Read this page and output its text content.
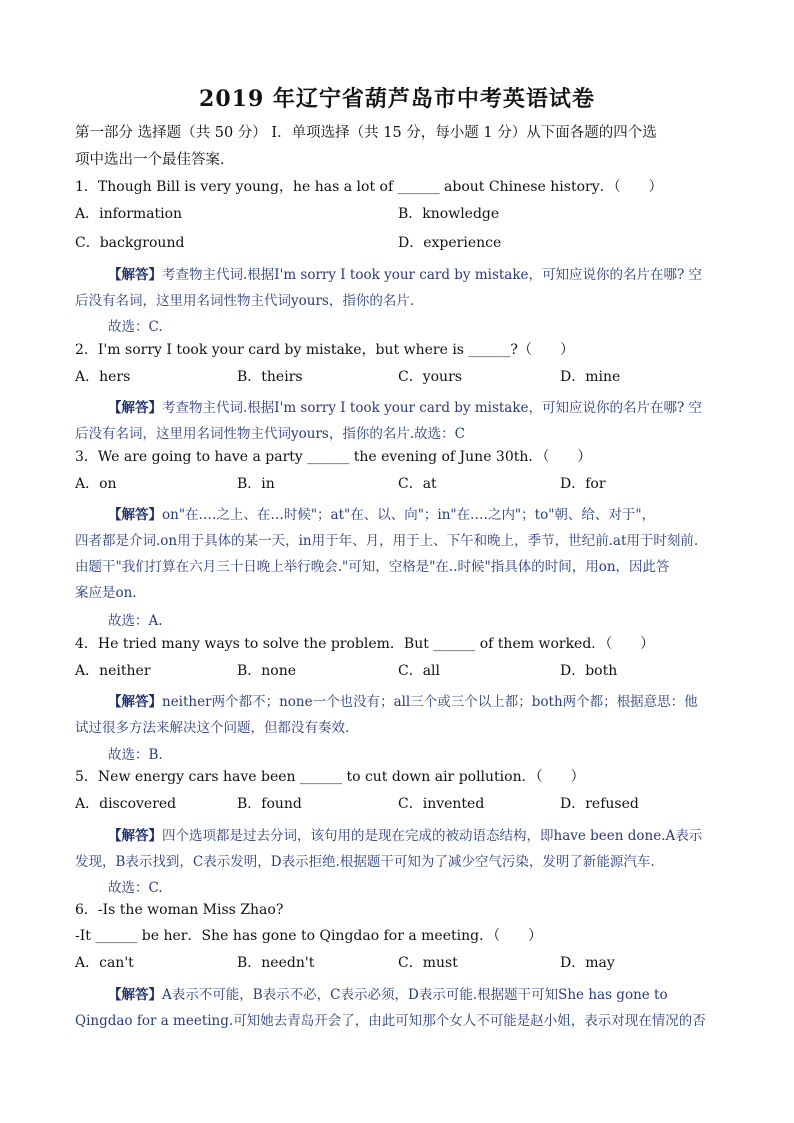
2019 年辽宁省葫芦岛市中考英语试卷
第一部分 选择题（共 50 分） Ⅰ．单项选择（共 15 分，每小题 1 分）从下面各题的四个选
项中选出一个最佳答案．
1．Though Bill is very young，he has a lot of ______ about Chinese history．（　　）
A．information	B．knowledge
C．background	D．experience

【解答】考查物主代词.根据I'm sorry I took your card by mistake，可知应说你的名片在哪? 空

后没有名词，这里用名词性物主代词yours，指你的名片.

故选：C.
2．I'm sorry I took your card by mistake，but where is ______?（　　）
A．hers	B．theirs	C．yours	D．mine

【解答】考查物主代词.根据I'm sorry I took your card by mistake，可知应说你的名片在哪? 空

后没有名词，这里用名词性物主代词yours，指你的名片.故选：C

3．We are going to have a party ______ the evening of June 30th．（　　）
A．on	B．in	C．at	D．for

【解答】on"在.…之上、在…时候"；at"在、以、向"；in"在.…之内"；to"朝、给、对于"，

四者都是介词.on用于具体的某一天，in用于年、月，用于上、下午和晚上，季节，世纪前.at用于时刻前.

由题干"我们打算在六月三十日晚上举行晚会."可知，空格是"在..时候"指具体的时间，用on，因此答

案应是on.

故选：A.
4．He tried many ways to solve the problem．But ______ of them worked．（　　）
A．neither	B．none	C．all	D．both

【解答】neither两个都不；none一个也没有；all三个或三个以上都；both两个都；根据意思：他

试过很多方法来解决这个问题，但都没有奏效.

故选：B.
5．New energy cars have been ______ to cut down air pollution．（　　）
A．discovered	B．found	C．invented	D．refused

【解答】四个选项都是过去分词，该句用的是现在完成的被动语态结构，即have been done.A表示

发现，B表示找到，C表示发明，D表示拒绝.根据题干可知为了减少空气污染，发明了新能源汽车.

故选：C.
6．-Is the woman Miss Zhao?
-It ______ be her．She has gone to Qingdao for a meeting．（　　）
A．can't	B．needn't	C．must	D．may

【解答】A表示不可能，B表示不必，C表示必须，D表示可能.根据题干可知She has gone to

Qingdao for a meeting.可知她去青岛开会了，由此可知那个女人不可能是赵小姐，表示对现在情况的否
